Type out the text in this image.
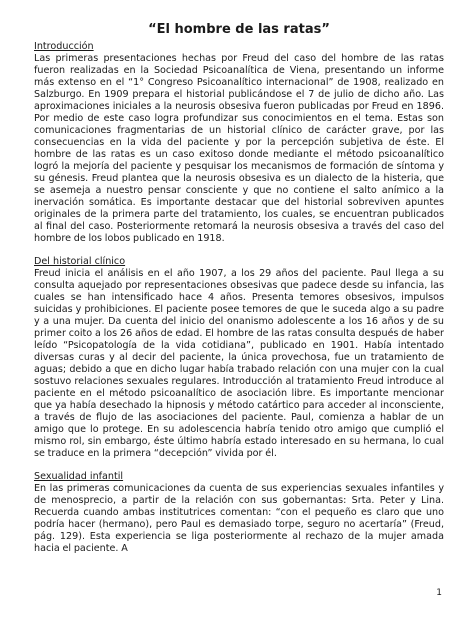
“El hombre de las ratas”

Introducción

Las primeras presentaciones hechas por Freud del caso del hombre de las ratas fueron realizadas en la Sociedad Psicoanalítica de Viena, presentando un informe más extenso en el “1° Congreso Psicoanalítico internacional” de 1908, realizado en Salzburgo. En 1909 prepara el historial publicándose el 7 de julio de dicho año. Las aproximaciones iniciales a la neurosis obsesiva fueron publicadas por Freud en 1896. Por medio de este caso logra profundizar sus conocimientos en el tema. Estas son comunicaciones fragmentarias de un historial clínico de carácter grave, por las consecuencias en la vida del paciente y por la percepción subjetiva de éste. El hombre de las ratas es un caso exitoso donde mediante el método psicoanalítico logró la mejoría del paciente y pesquisar los mecanismos de formación de síntoma y su génesis. Freud plantea que la neurosis obsesiva es un dialecto de la histeria, que se asemeja a nuestro pensar consciente y que no contiene el salto anímico a la inervación somática. Es importante destacar que del historial sobreviven apuntes originales de la primera parte del tratamiento, los cuales, se encuentran publicados al final del caso. Posteriormente retomará la neurosis obsesiva a través del caso del hombre de los lobos publicado en 1918.

Del historial clínico

Freud inicia el análisis en el año 1907, a los 29 años del paciente. Paul llega a su consulta aquejado por representaciones obsesivas que padece desde su infancia, las cuales se han intensificado hace 4 años. Presenta temores obsesivos, impulsos suicidas y prohibiciones. El paciente posee temores de que le suceda algo a su padre y a una mujer. Da cuenta del inicio del onanismo adolescente a los 16 años y de su primer coito a los 26 años de edad. El hombre de las ratas consulta después de haber leído “Psicopatología de la vida cotidiana”, publicado en 1901. Había intentado diversas curas y al decir del paciente, la única provechosa, fue un tratamiento de aguas; debido a que en dicho lugar había trabado relación con una mujer con la cual sostuvo relaciones sexuales regulares. Introducción al tratamiento Freud introduce al paciente en el método psicoanalítico de asociación libre. Es importante mencionar que ya había desechado la hipnosis y método catártico para acceder al inconsciente, a través de flujo de las asociaciones del paciente. Paul, comienza a hablar de un amigo que lo protege. En su adolescencia habría tenido otro amigo que cumplió el mismo rol, sin embargo, éste último habría estado interesado en su hermana, lo cual se traduce en la primera “decepción” vivida por él.

Sexualidad infantil

En las primeras comunicaciones da cuenta de sus experiencias sexuales infantiles y de menosprecio, a partir de la relación con sus gobernantas: Srta. Peter y Lina. Recuerda cuando ambas institutrices comentan: “con el pequeño es claro que uno podría hacer (hermano), pero Paul es demasiado torpe, seguro no acertaría” (Freud, pág. 129). Esta experiencia se liga posteriormente al rechazo de la mujer amada hacia el paciente. A

1
